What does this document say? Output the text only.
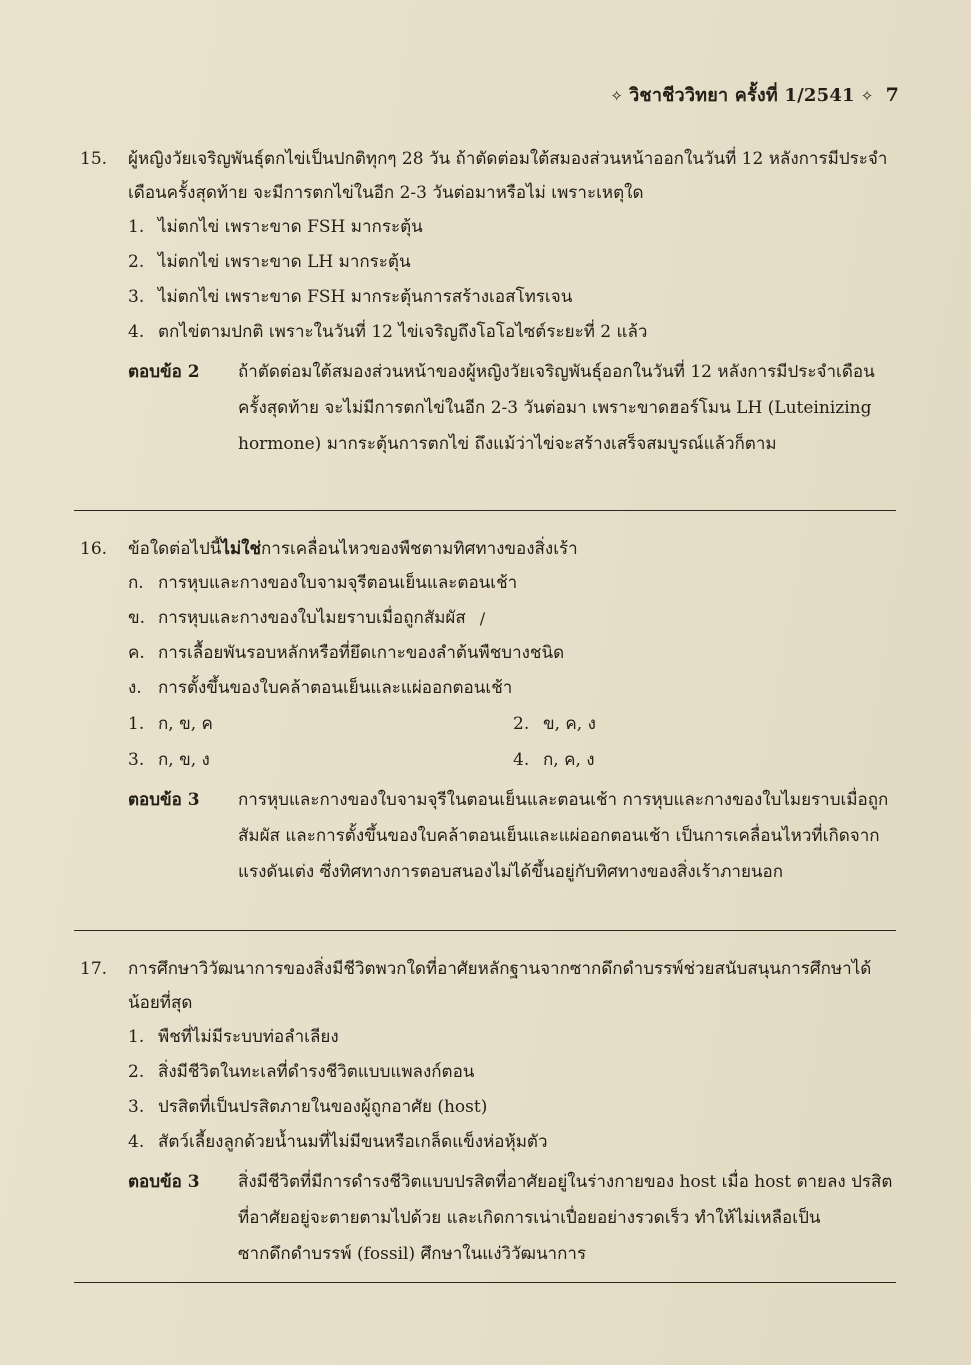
✧ วิชาชีววิทยา ครั้งที่ 1/2541 ✧ 7
15.	ผู้หญิงวัยเจริญพันธุ์ตกไข่เป็นปกติทุกๆ 28 วัน ถ้าตัดต่อมใต้สมองส่วนหน้าออกในวันที่ 12 หลังการมีประจำเดือนครั้งสุดท้าย จะมีการตกไข่ในอีก 2-3 วันต่อมาหรือไม่ เพราะเหตุใด
1. ไม่ตกไข่ เพราะขาด FSH มากระตุ้น
2. ไม่ตกไข่ เพราะขาด LH มากระตุ้น
3. ไม่ตกไข่ เพราะขาด FSH มากระตุ้นการสร้างเอสโทรเจน
4. ตกไข่ตามปกติ เพราะในวันที่ 12 ไข่เจริญถึงโอโอไซต์ระยะที่ 2 แล้ว
ตอบข้อ 2	ถ้าตัดต่อมใต้สมองส่วนหน้าของผู้หญิงวัยเจริญพันธุ์ออกในวันที่ 12 หลังการมีประจำเดือนครั้งสุดท้าย จะไม่มีการตกไข่ในอีก 2-3 วันต่อมา เพราะขาดฮอร์โมน LH (Luteinizing hormone) มากระตุ้นการตกไข่ ถึงแม้ว่าไข่จะสร้างเสร็จสมบูรณ์แล้วก็ตาม
16.	ข้อใดต่อไปนี้ไม่ใช่การเคลื่อนไหวของพืชตามทิศทางของสิ่งเร้า
ก. การหุบและกางของใบจามจุรีตอนเย็นและตอนเช้า
ข. การหุบและกางของใบไมยราบเมื่อถูกสัมผัส ∕
ค. การเลื้อยพันรอบหลักหรือที่ยึดเกาะของลำต้นพืชบางชนิด
ง. การตั้งขึ้นของใบคล้าตอนเย็นและแผ่ออกตอนเช้า
1. ก, ข, ค	2. ข, ค, ง
3. ก, ข, ง	4. ก, ค, ง
ตอบข้อ 3	การหุบและกางของใบจามจุรีในตอนเย็นและตอนเช้า การหุบและกางของใบไมยราบเมื่อถูกสัมผัส และการตั้งขึ้นของใบคล้าตอนเย็นและแผ่ออกตอนเช้า เป็นการเคลื่อนไหวที่เกิดจากแรงดันเต่ง ซึ่งทิศทางการตอบสนองไม่ได้ขึ้นอยู่กับทิศทางของสิ่งเร้าภายนอก
17.	การศึกษาวิวัฒนาการของสิ่งมีชีวิตพวกใดที่อาศัยหลักฐานจากซากดึกดำบรรพ์ช่วยสนับสนุนการศึกษาได้น้อยที่สุด
1. พืชที่ไม่มีระบบท่อลำเลียง
2. สิ่งมีชีวิตในทะเลที่ดำรงชีวิตแบบแพลงก์ตอน
3. ปรสิตที่เป็นปรสิตภายในของผู้ถูกอาศัย (host)
4. สัตว์เลี้ยงลูกด้วยน้ำนมที่ไม่มีขนหรือเกล็ดแข็งห่อหุ้มตัว
ตอบข้อ 3	สิ่งมีชีวิตที่มีการดำรงชีวิตแบบปรสิตที่อาศัยอยู่ในร่างกายของ host เมื่อ host ตายลง ปรสิตที่อาศัยอยู่จะตายตามไปด้วย และเกิดการเน่าเปื่อยอย่างรวดเร็ว ทำให้ไม่เหลือเป็นซากดึกดำบรรพ์ (fossil) ศึกษาในแง่วิวัฒนาการ
